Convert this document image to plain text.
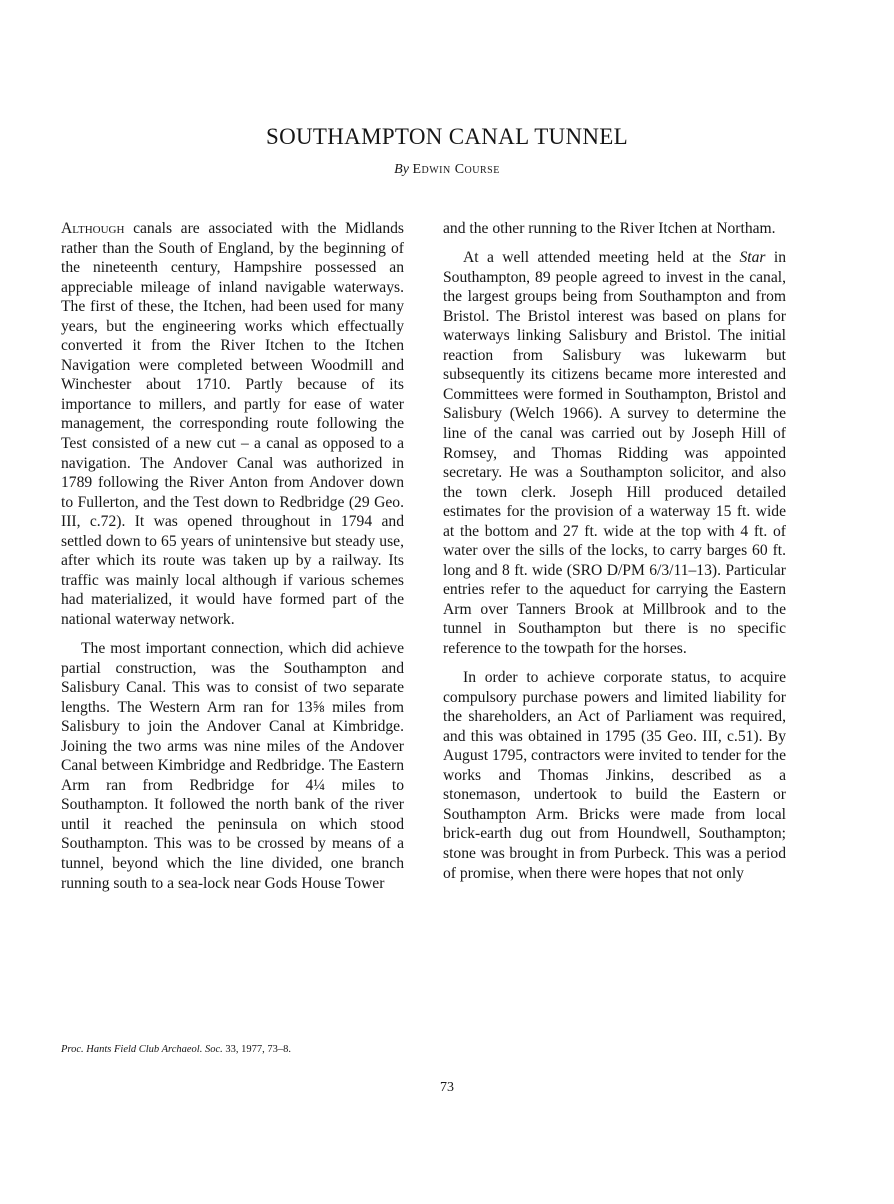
SOUTHAMPTON CANAL TUNNEL
By Edwin Course

Although canals are associated with the Midlands rather than the South of England, by the beginning of the nineteenth century, Hampshire possessed an appreciable mileage of inland navigable waterways. The first of these, the Itchen, had been used for many years, but the engineering works which effectually converted it from the River Itchen to the Itchen Navigation were completed between Woodmill and Winchester about 1710. Partly because of its importance to millers, and partly for ease of water management, the corresponding route following the Test consisted of a new cut – a canal as opposed to a navigation. The Andover Canal was authorized in 1789 following the River Anton from Andover down to Fullerton, and the Test down to Redbridge (29 Geo. III, c.72). It was opened throughout in 1794 and settled down to 65 years of unintensive but steady use, after which its route was taken up by a railway. Its traffic was mainly local although if various schemes had materialized, it would have formed part of the national waterway network.

The most important connection, which did achieve partial construction, was the Southampton and Salisbury Canal. This was to consist of two separate lengths. The Western Arm ran for 13⅝ miles from Salisbury to join the Andover Canal at Kimbridge. Joining the two arms was nine miles of the Andover Canal between Kimbridge and Redbridge. The Eastern Arm ran from Redbridge for 4¼ miles to Southampton. It followed the north bank of the river until it reached the peninsula on which stood Southampton. This was to be crossed by means of a tunnel, beyond which the line divided, one branch running south to a sea-lock near Gods House Tower

and the other running to the River Itchen at Northam.

At a well attended meeting held at the Star in Southampton, 89 people agreed to invest in the canal, the largest groups being from Southampton and from Bristol. The Bristol interest was based on plans for waterways linking Salisbury and Bristol. The initial reaction from Salisbury was lukewarm but subsequently its citizens became more interested and Committees were formed in Southampton, Bristol and Salisbury (Welch 1966). A survey to determine the line of the canal was carried out by Joseph Hill of Romsey, and Thomas Ridding was appointed secretary. He was a Southampton solicitor, and also the town clerk. Joseph Hill produced detailed estimates for the provision of a waterway 15 ft. wide at the bottom and 27 ft. wide at the top with 4 ft. of water over the sills of the locks, to carry barges 60 ft. long and 8 ft. wide (SRO D/PM 6/3/11–13). Particular entries refer to the aqueduct for carrying the Eastern Arm over Tanners Brook at Millbrook and to the tunnel in Southampton but there is no specific reference to the towpath for the horses.

In order to achieve corporate status, to acquire compulsory purchase powers and limited liability for the shareholders, an Act of Parliament was required, and this was obtained in 1795 (35 Geo. III, c.51). By August 1795, contractors were invited to tender for the works and Thomas Jinkins, described as a stonemason, undertook to build the Eastern or Southampton Arm. Bricks were made from local brick-earth dug out from Houndwell, Southampton; stone was brought in from Purbeck. This was a period of promise, when there were hopes that not only

Proc. Hants Field Club Archaeol. Soc. 33, 1977, 73–8.
73
